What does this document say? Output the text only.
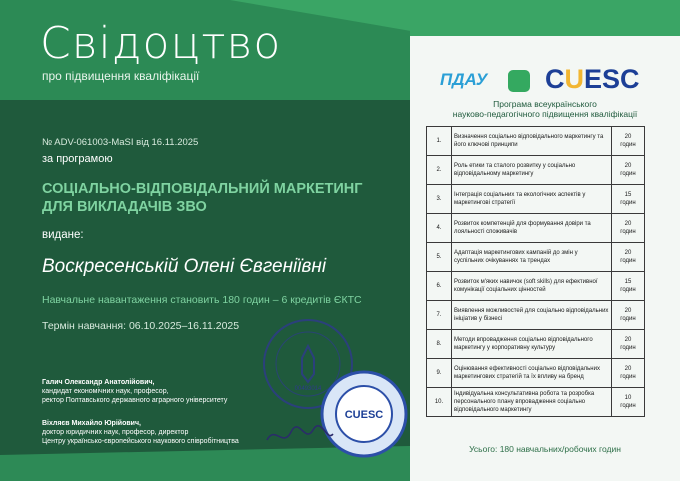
Свідоцтво
про підвищення кваліфікації
№ ADV-061003-MaSI від 16.11.2025
за програмою
СОЦІАЛЬНО-ВІДПОВІДАЛЬНИЙ МАРКЕТИНГ ДЛЯ ВИКЛАДАЧІВ ЗВО
видане:
Воскресенській Олені Євгеніївні
Навчальне навантаження становить 180 годин – 6 кредитів ЄКТС
Термін навчання: 06.10.2025–16.11.2025
00493014
CUESC
Галич Олександр Анатолійович,
кандидат економічних наук, професор,
ректор Полтавського державного аграрного університету
Віхляєв Михайло Юрійович,
доктор юридичних наук, професор, директор
Центру українсько-європейського наукового співробітництва
ПДАУ CUESC
Програма всеукраїнського
науково-педагогічного підвищення кваліфікації
1.	Визначення соціально відповідального маркетингу та його ключові принципи	20
годин

2.	Роль етики та сталого розвитку у соціально відповідальному маркетингу	20
годин

3.	Інтеграція соціальних та екологічних аспектів у маркетингові стратегії	15
годин

4.	Розвиток компетенцій для формування довіри та лояльності споживачів	20
годин

5.	Адаптація маркетингових кампаній до змін у суспільних очікуваннях та трендах	20
годин

6.	Розвиток м'яких навичок (soft skills) для ефективної комунікації соціальних цінностей	15
годин

7.	Виявлення можливостей для соціально відповідальних ініціатив у бізнесі	20
годин

8.	Методи впровадження соціально відповідального маркетингу у корпоративну культуру	20
годин

9.	Оцінювання ефективності соціально відповідальних маркетингових стратегій та їх впливу на бренд	20
годин

10.	Індивідуальна консультативна робота та розробка персонального плану впровадження соціально відповідального маркетингу	10
годин
Усього: 180 навчальних/робочих годин
